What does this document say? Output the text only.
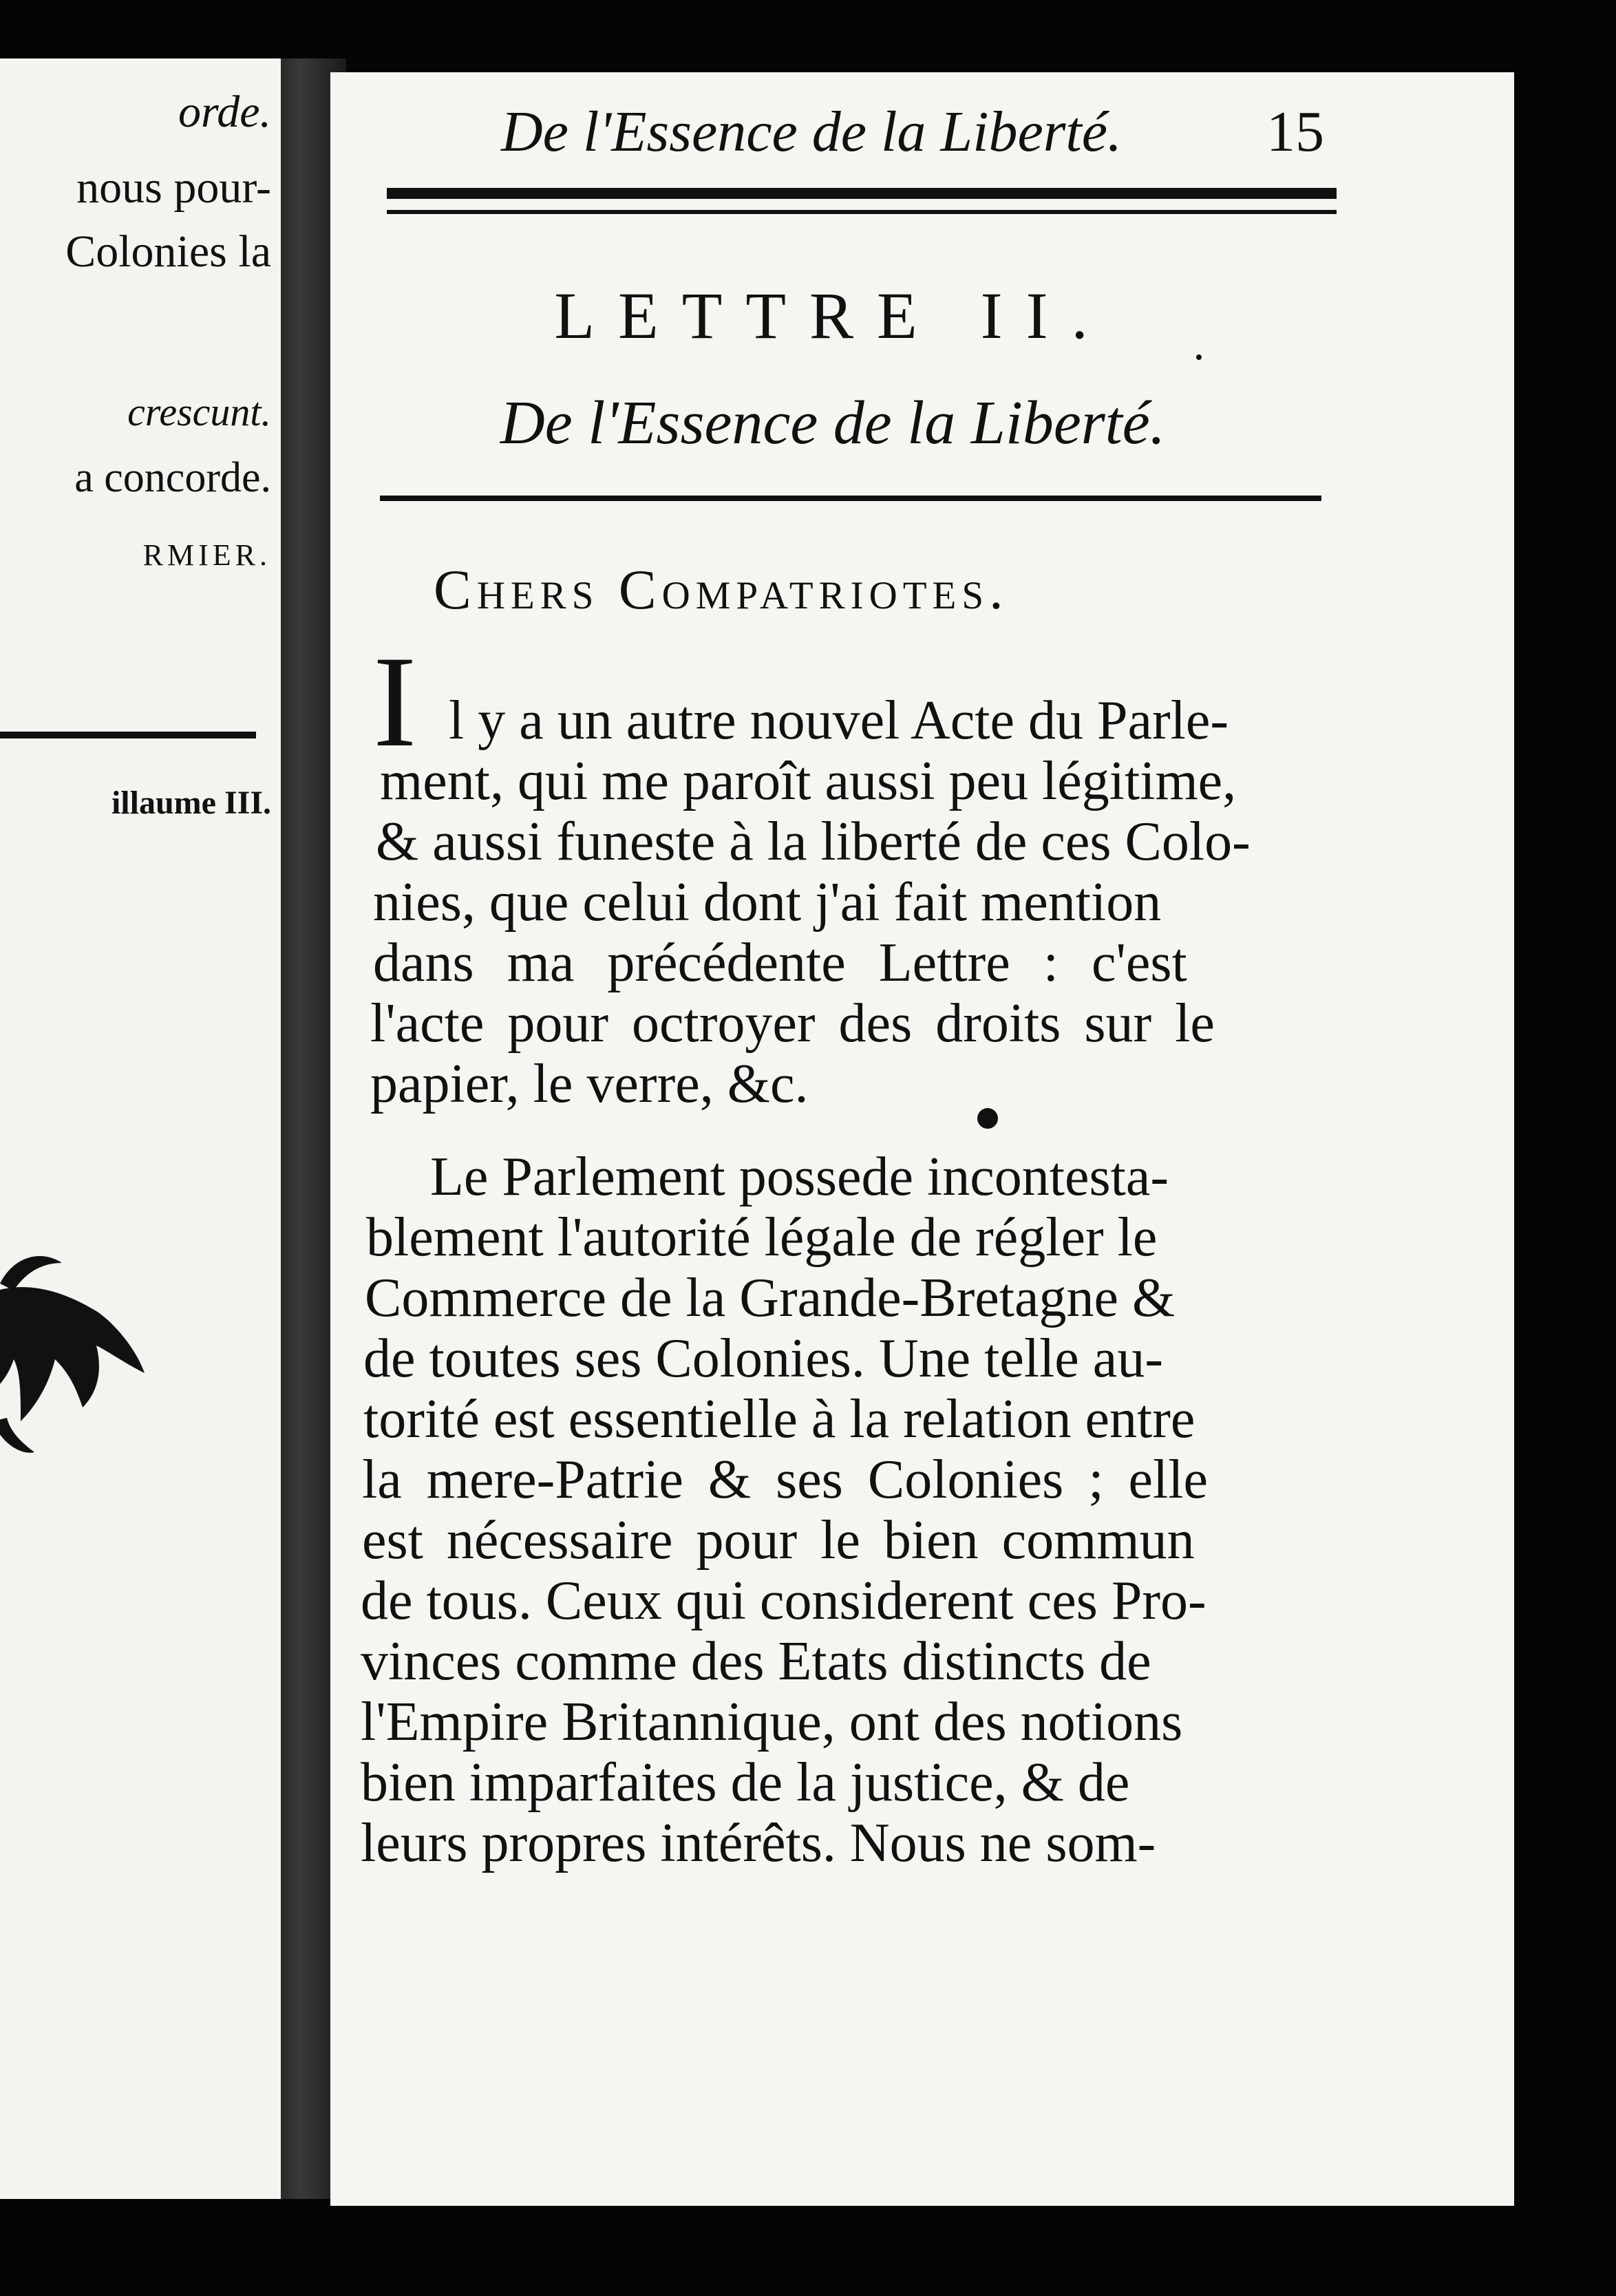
orde.
nous pour-
Colonies la
crescunt.
a concorde.
RMIER.
illaume III.
De l'Essence de la Liberté. 15
LETTRE II.
De l'Essence de la Liberté.
Chers Compatriotes.
I l y a un autre nouvel Acte du Parle-
ment, qui me paroît aussi peu légitime,
& aussi funeste à la liberté de ces Colo-
nies, que celui dont j'ai fait mention
dans ma précédente Lettre : c'est
l'acte pour octroyer des droits sur le
papier, le verre, &c.
Le Parlement possede incontesta-
blement l'autorité légale de régler le
Commerce de la Grande-Bretagne &
de toutes ses Colonies. Une telle au-
torité est essentielle à la relation entre
la mere-Patrie & ses Colonies ; elle
est nécessaire pour le bien commun
de tous. Ceux qui considerent ces Pro-
vinces comme des Etats distincts de
l'Empire Britannique, ont des notions
bien imparfaites de la justice, & de
leurs propres intérêts. Nous ne som-
